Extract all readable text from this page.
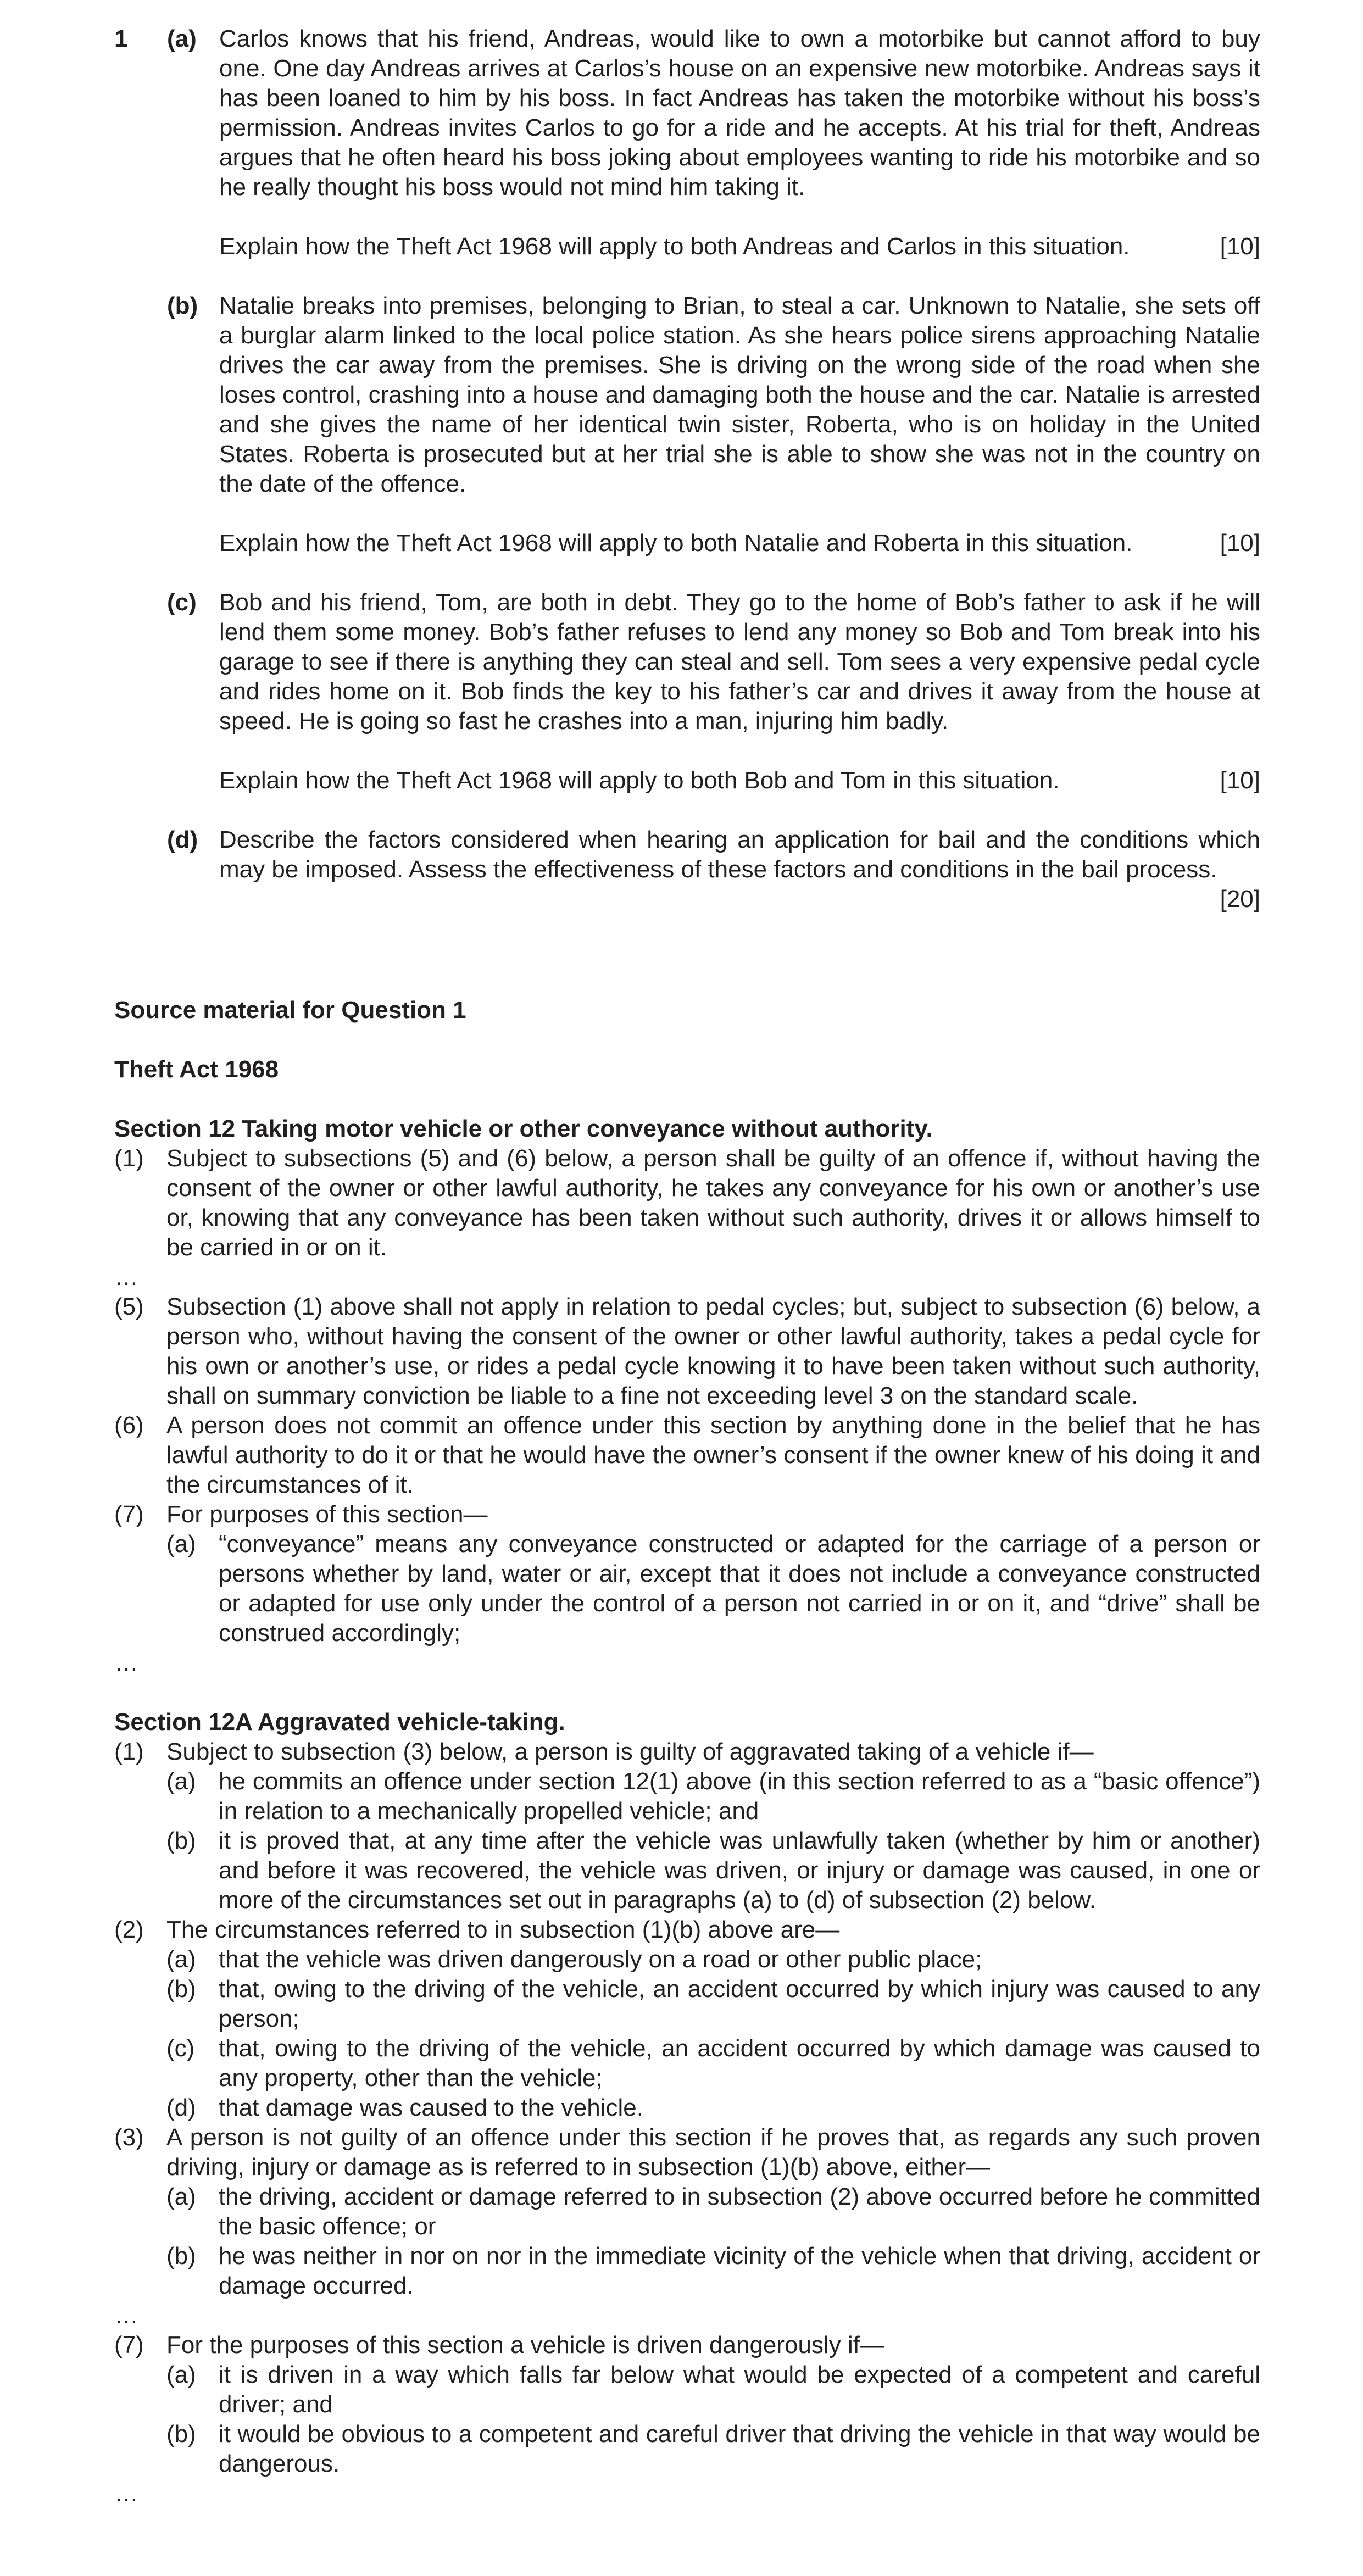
1 (a) Carlos knows that his friend, Andreas, would like to own a motorbike but cannot afford to buy one. One day Andreas arrives at Carlos’s house on an expensive new motorbike. Andreas says it has been loaned to him by his boss. In fact Andreas has taken the motorbike without his boss’s permission. Andreas invites Carlos to go for a ride and he accepts. At his trial for theft, Andreas argues that he often heard his boss joking about employees wanting to ride his motorbike and so he really thought his boss would not mind him taking it.
Explain how the Theft Act 1968 will apply to both Andreas and Carlos in this situation.	[10]
(b) Natalie breaks into premises, belonging to Brian, to steal a car. Unknown to Natalie, she sets off a burglar alarm linked to the local police station. As she hears police sirens approaching Natalie drives the car away from the premises. She is driving on the wrong side of the road when she loses control, crashing into a house and damaging both the house and the car. Natalie is arrested and she gives the name of her identical twin sister, Roberta, who is on holiday in the United States. Roberta is prosecuted but at her trial she is able to show she was not in the country on the date of the offence.
Explain how the Theft Act 1968 will apply to both Natalie and Roberta in this situation.	[10]
(c) Bob and his friend, Tom, are both in debt. They go to the home of Bob’s father to ask if he will lend them some money. Bob’s father refuses to lend any money so Bob and Tom break into his garage to see if there is anything they can steal and sell. Tom sees a very expensive pedal cycle and rides home on it. Bob finds the key to his father’s car and drives it away from the house at speed. He is going so fast he crashes into a man, injuring him badly.
Explain how the Theft Act 1968 will apply to both Bob and Tom in this situation.	[10]
(d) Describe the factors considered when hearing an application for bail and the conditions which may be imposed. Assess the effectiveness of these factors and conditions in the bail process.
[20]
Source material for Question 1
Theft Act 1968
Section 12 Taking motor vehicle or other conveyance without authority.
(1) Subject to subsections (5) and (6) below, a person shall be guilty of an offence if, without having the consent of the owner or other lawful authority, he takes any conveyance for his own or another’s use or, knowing that any conveyance has been taken without such authority, drives it or allows himself to be carried in or on it.
…
(5) Subsection (1) above shall not apply in relation to pedal cycles; but, subject to subsection (6) below, a person who, without having the consent of the owner or other lawful authority, takes a pedal cycle for his own or another’s use, or rides a pedal cycle knowing it to have been taken without such authority, shall on summary conviction be liable to a fine not exceeding level 3 on the standard scale.
(6) A person does not commit an offence under this section by anything done in the belief that he has lawful authority to do it or that he would have the owner’s consent if the owner knew of his doing it and the circumstances of it.
(7) For purposes of this section—
(a) “conveyance” means any conveyance constructed or adapted for the carriage of a person or persons whether by land, water or air, except that it does not include a conveyance constructed or adapted for use only under the control of a person not carried in or on it, and “drive” shall be construed accordingly;
…
Section 12A Aggravated vehicle-taking.
(1) Subject to subsection (3) below, a person is guilty of aggravated taking of a vehicle if—
(a) he commits an offence under section 12(1) above (in this section referred to as a “basic offence”) in relation to a mechanically propelled vehicle; and
(b) it is proved that, at any time after the vehicle was unlawfully taken (whether by him or another) and before it was recovered, the vehicle was driven, or injury or damage was caused, in one or more of the circumstances set out in paragraphs (a) to (d) of subsection (2) below.
(2) The circumstances referred to in subsection (1)(b) above are—
(a) that the vehicle was driven dangerously on a road or other public place;
(b) that, owing to the driving of the vehicle, an accident occurred by which injury was caused to any person;
(c) that, owing to the driving of the vehicle, an accident occurred by which damage was caused to any property, other than the vehicle;
(d) that damage was caused to the vehicle.
(3) A person is not guilty of an offence under this section if he proves that, as regards any such proven driving, injury or damage as is referred to in subsection (1)(b) above, either—
(a) the driving, accident or damage referred to in subsection (2) above occurred before he committed the basic offence; or
(b) he was neither in nor on nor in the immediate vicinity of the vehicle when that driving, accident or damage occurred.
…
(7) For the purposes of this section a vehicle is driven dangerously if—
(a) it is driven in a way which falls far below what would be expected of a competent and careful driver; and
(b) it would be obvious to a competent and careful driver that driving the vehicle in that way would be dangerous.
…
